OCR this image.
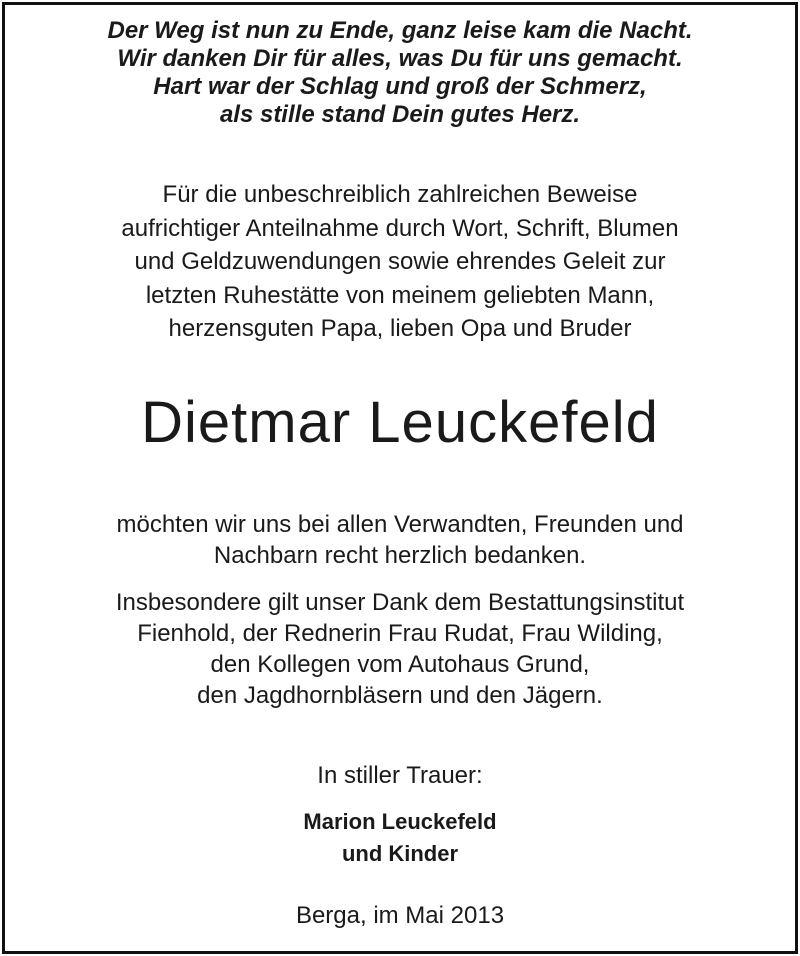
Der Weg ist nun zu Ende, ganz leise kam die Nacht.
Wir danken Dir für alles, was Du für uns gemacht.
Hart war der Schlag und groß der Schmerz,
als stille stand Dein gutes Herz.
Für die unbeschreiblich zahlreichen Beweise
aufrichtiger Anteilnahme durch Wort, Schrift, Blumen
und Geldzuwendungen sowie ehrendes Geleit zur
letzten Ruhestätte von meinem geliebten Mann,
herzensguten Papa, lieben Opa und Bruder
Dietmar Leuckefeld
möchten wir uns bei allen Verwandten, Freunden und
Nachbarn recht herzlich bedanken.
Insbesondere gilt unser Dank dem Bestattungsinstitut
Fienhold, der Rednerin Frau Rudat, Frau Wilding,
den Kollegen vom Autohaus Grund,
den Jagdhornbläsern und den Jägern.
In stiller Trauer:
Marion Leuckefeld
und Kinder
Berga, im Mai 2013
